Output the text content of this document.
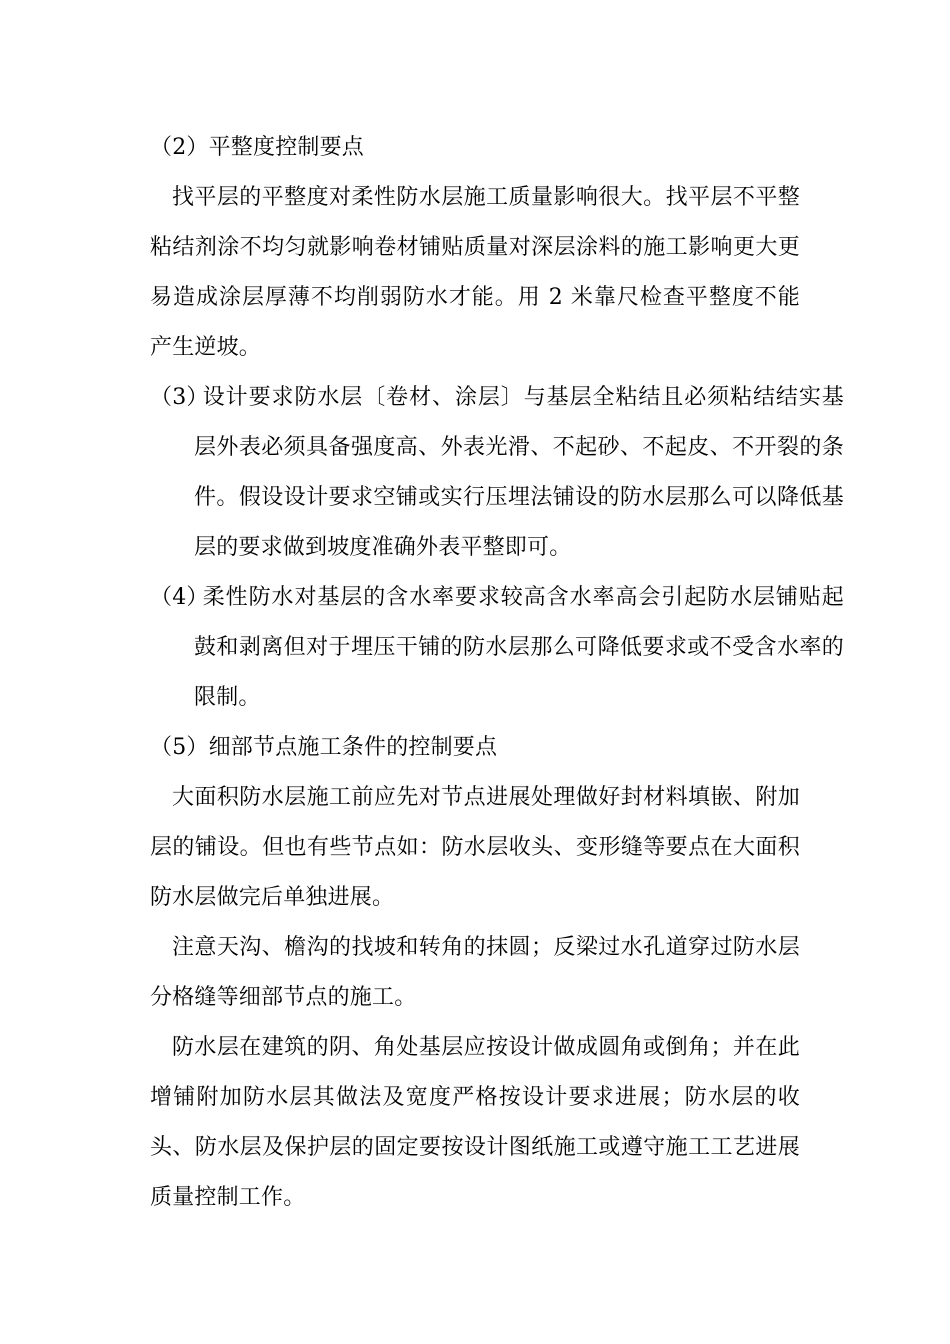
（2）平整度控制要点

找平层的平整度对柔性防水层施工质量影响很大。找平层不平整粘结剂涂不均匀就影响卷材铺贴质量对深层涂料的施工影响更大更易造成涂层厚薄不均削弱防水才能。用 2 米靠尺检查平整度不能产生逆坡。

（3）设计要求防水层〔卷材、涂层〕与基层全粘结且必须粘结结实基层外表必须具备强度高、外表光滑、不起砂、不起皮、不开裂的条件。假设设计要求空铺或实行压埋法铺设的防水层那么可以降低基层的要求做到坡度准确外表平整即可。

（4）柔性防水对基层的含水率要求较高含水率高会引起防水层铺贴起鼓和剥离但对于埋压干铺的防水层那么可降低要求或不受含水率的限制。

（5）细部节点施工条件的控制要点

大面积防水层施工前应先对节点进展处理做好封材料填嵌、附加层的铺设。但也有些节点如：防水层收头、变形缝等要点在大面积防水层做完后单独进展。

注意天沟、檐沟的找坡和转角的抹圆；反梁过水孔道穿过防水层分格缝等细部节点的施工。

防水层在建筑的阴、角处基层应按设计做成圆角或倒角；并在此增铺附加防水层其做法及宽度严格按设计要求进展；防水层的收头、防水层及保护层的固定要按设计图纸施工或遵守施工工艺进展质量控制工作。
